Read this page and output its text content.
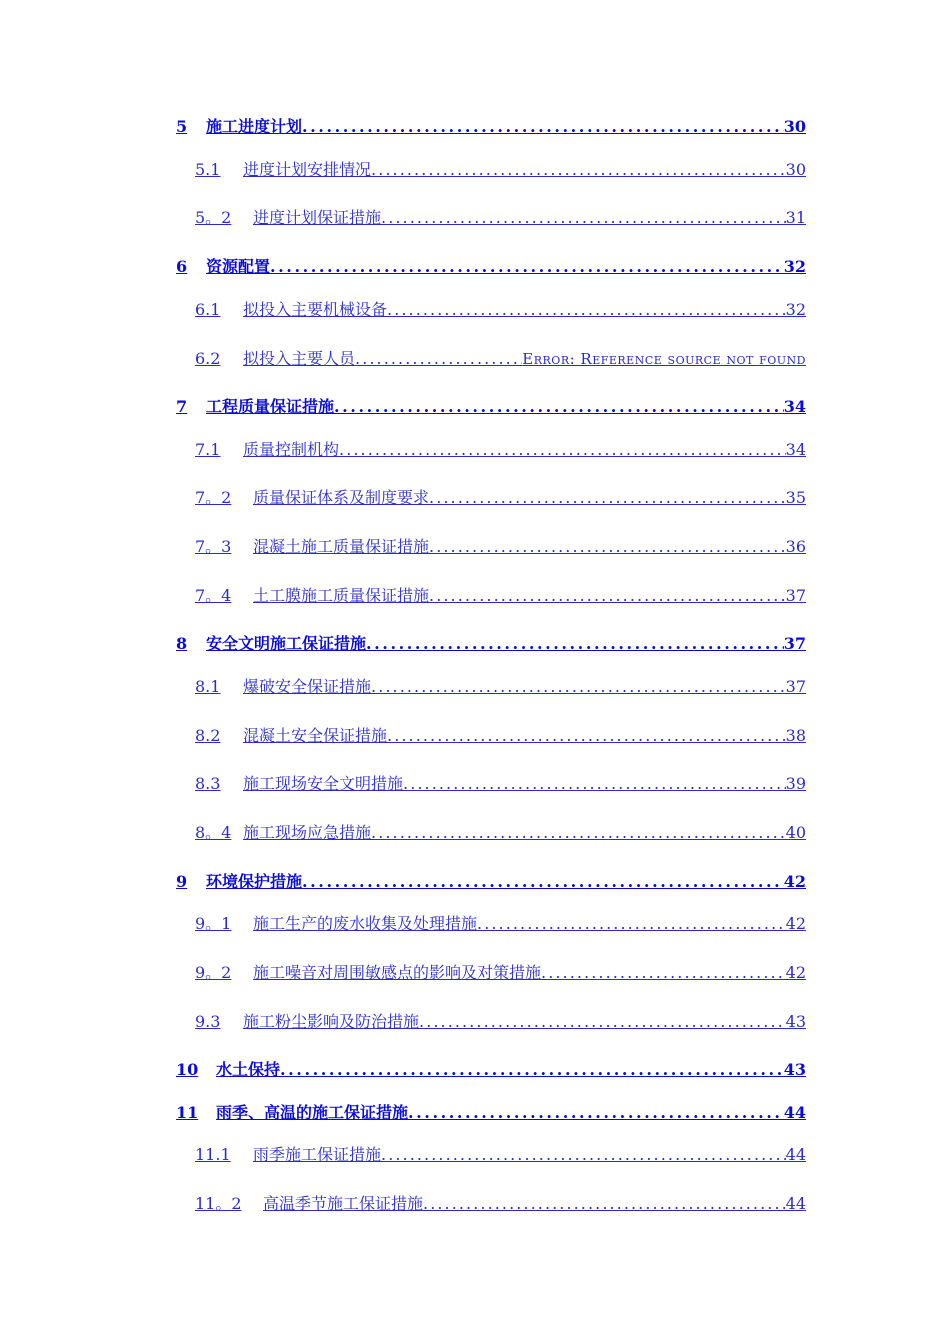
5	施工进度计划 . . .	30
5.1	进度计划安排情况 . . .	30
5。2	进度计划保证措施 . . .	31
6	资源配置 . . .	32
6.1	拟投入主要机械设备 . . .	32
6.2	拟投入主要人员 . . .	Error: Reference source not found
7	工程质量保证措施 . . .	34
7.1	质量控制机构 . . .	34
7。2	质量保证体系及制度要求 . . .	35
7。3	混凝土施工质量保证措施 . . .	36
7。4	土工膜施工质量保证措施 . . .	37
8	安全文明施工保证措施 . . .	37
8.1	爆破安全保证措施 . . .	37
8.2	混凝土安全保证措施 . . .	38
8.3	施工现场安全文明措施 . . .	39
8。4 施工现场应急措施 . . .	40
9	环境保护措施 . . .	42
9。1	施工生产的废水收集及处理措施 . . .	42
9。2	施工噪音对周围敏感点的影响及对策措施 . . .	42
9.3	施工粉尘影响及防治措施 . . .	43
10	水土保持 . . .	43
11	雨季、高温的施工保证措施 . . .	44
11.1	雨季施工保证措施 . . .	44
11。2	高温季节施工保证措施 . . .	44
